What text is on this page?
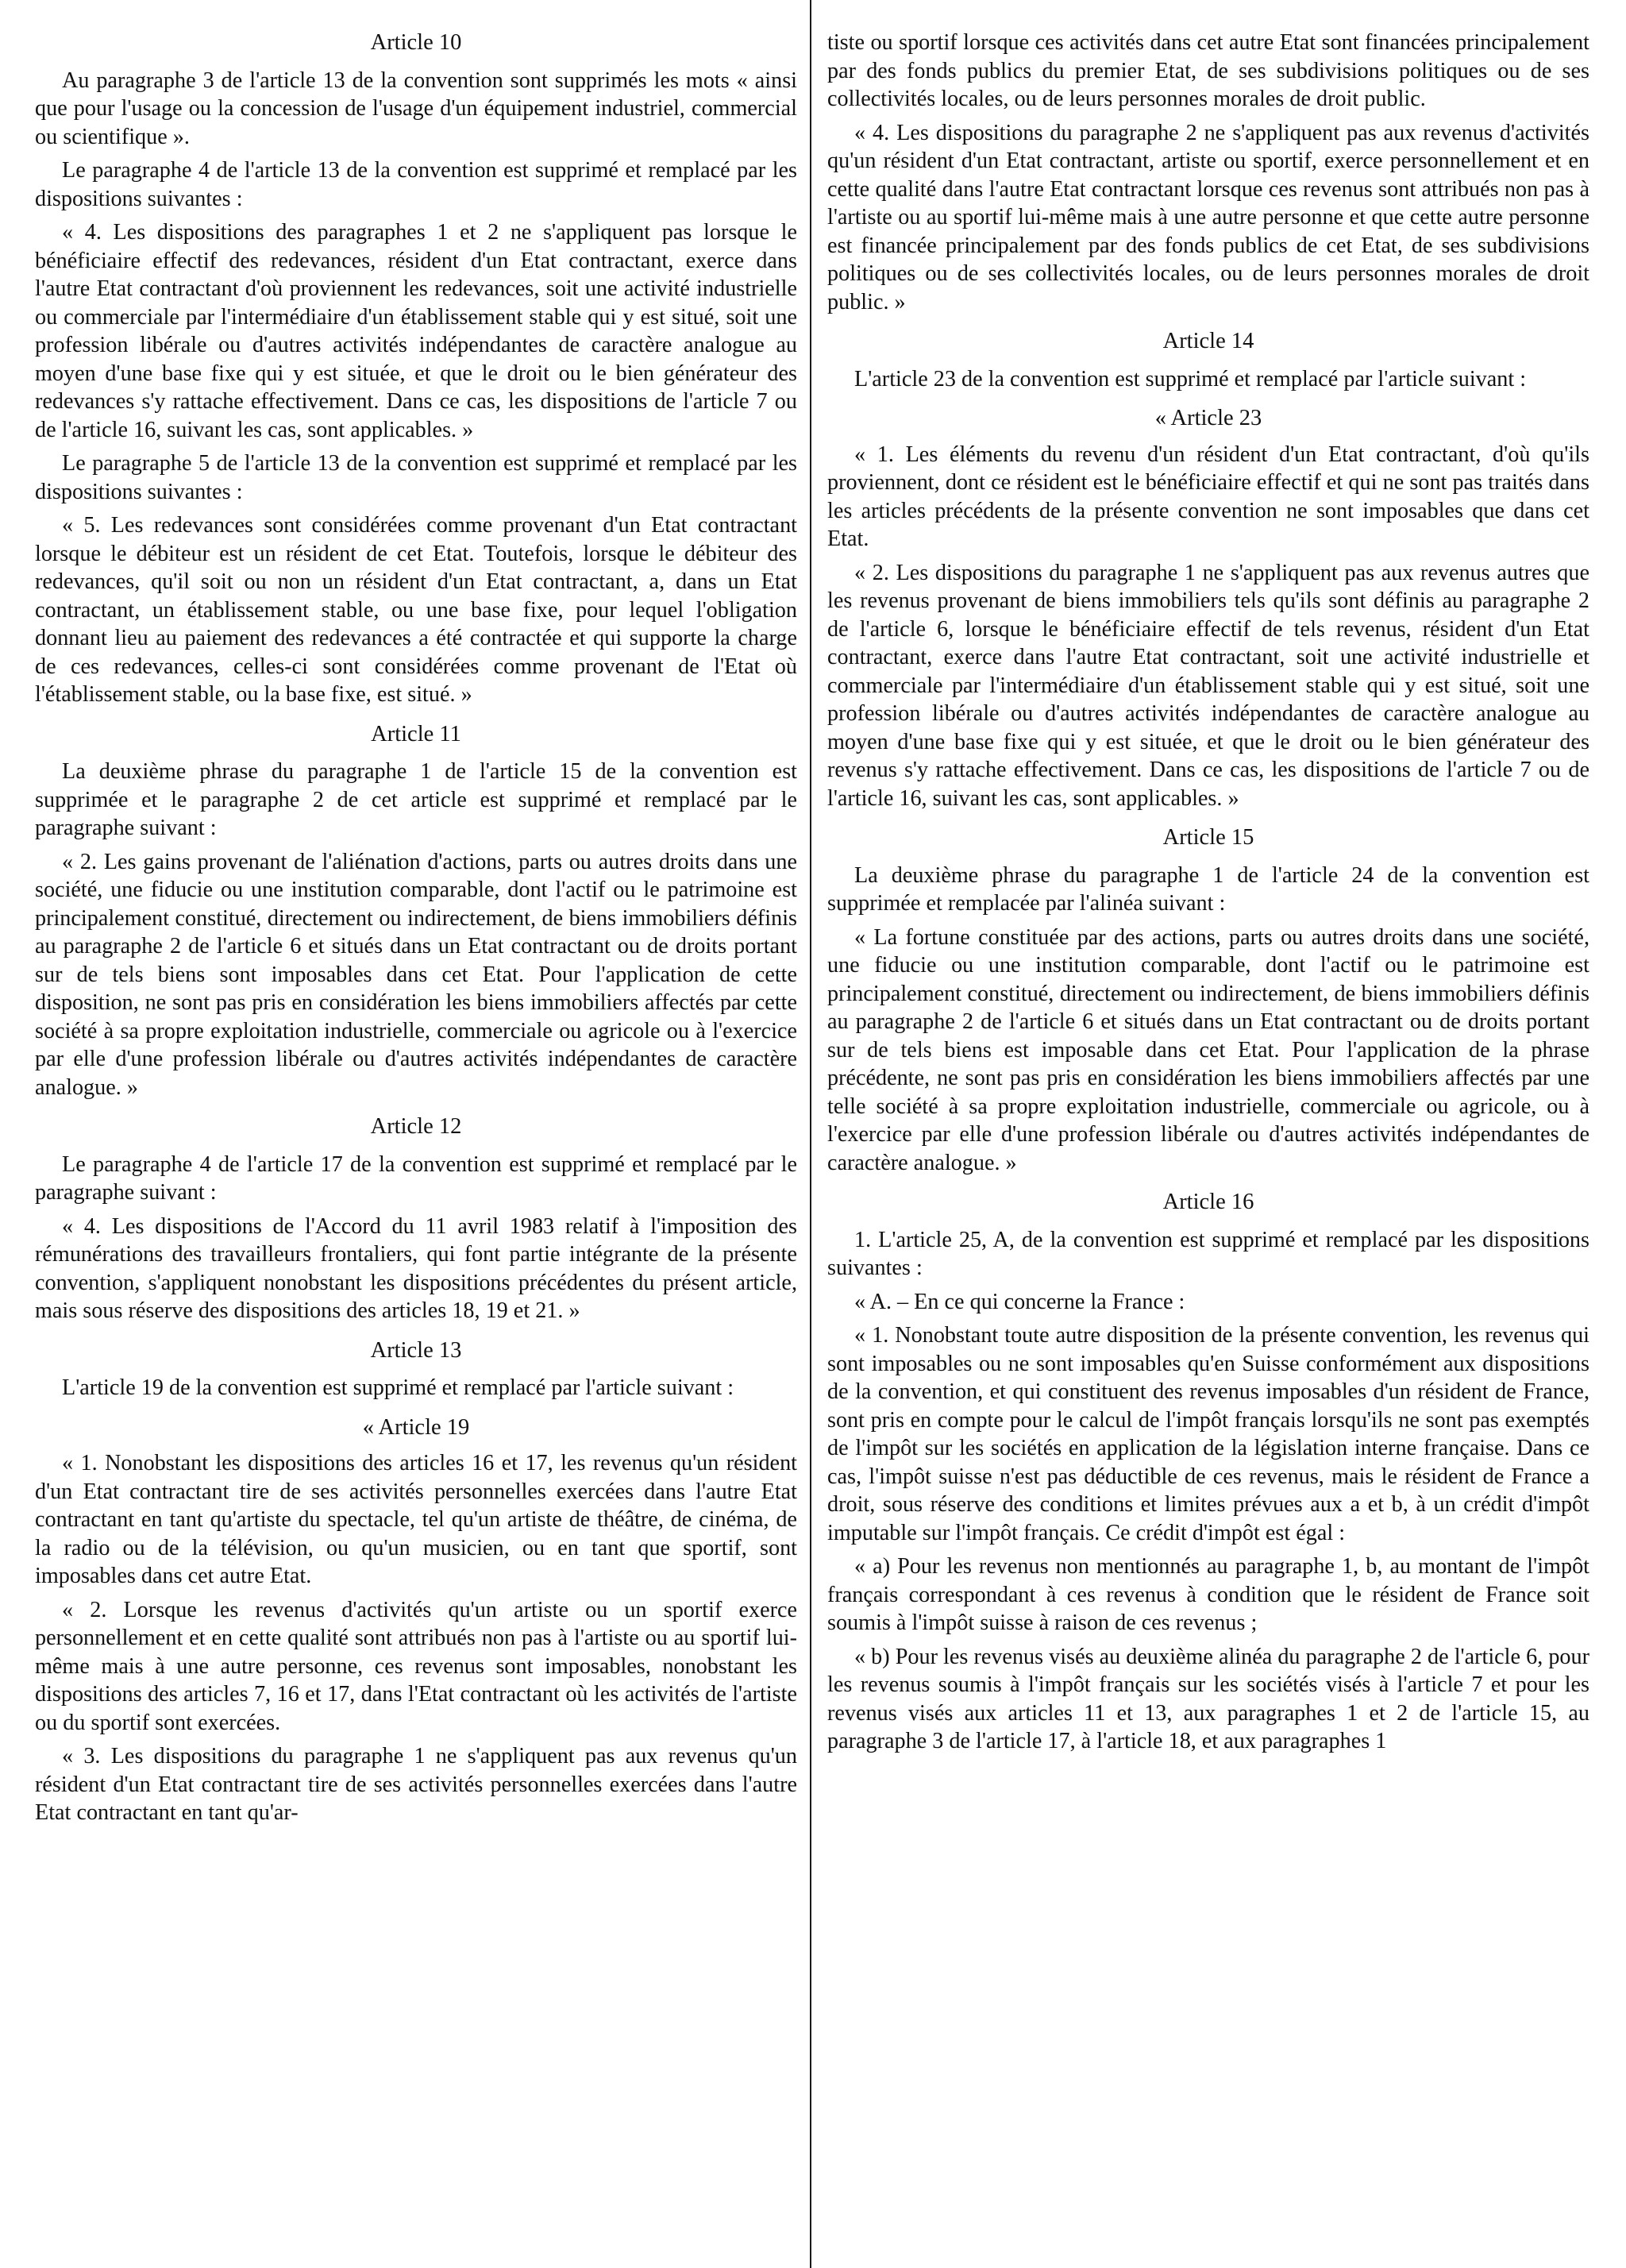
Article 10

Au paragraphe 3 de l'article 13 de la convention sont supprimés les mots « ainsi que pour l'usage ou la concession de l'usage d'un équipement industriel, commercial ou scientifique ».

Le paragraphe 4 de l'article 13 de la convention est supprimé et remplacé par les dispositions suivantes :

« 4. Les dispositions des paragraphes 1 et 2 ne s'appliquent pas lorsque le bénéficiaire effectif des redevances, résident d'un Etat contractant, exerce dans l'autre Etat contractant d'où proviennent les redevances, soit une activité industrielle ou commerciale par l'intermédiaire d'un établissement stable qui y est situé, soit une profession libérale ou d'autres activités indépendantes de caractère analogue au moyen d'une base fixe qui y est située, et que le droit ou le bien générateur des redevances s'y rattache effectivement. Dans ce cas, les dispositions de l'article 7 ou de l'article 16, suivant les cas, sont applicables. »

Le paragraphe 5 de l'article 13 de la convention est supprimé et remplacé par les dispositions suivantes :

« 5. Les redevances sont considérées comme provenant d'un Etat contractant lorsque le débiteur est un résident de cet Etat. Toutefois, lorsque le débiteur des redevances, qu'il soit ou non un résident d'un Etat contractant, a, dans un Etat contractant, un établissement stable, ou une base fixe, pour lequel l'obligation donnant lieu au paiement des redevances a été contractée et qui supporte la charge de ces redevances, celles-ci sont considérées comme provenant de l'Etat où l'établissement stable, ou la base fixe, est situé. »

Article 11

La deuxième phrase du paragraphe 1 de l'article 15 de la convention est supprimée et le paragraphe 2 de cet article est supprimé et remplacé par le paragraphe suivant :

« 2. Les gains provenant de l'aliénation d'actions, parts ou autres droits dans une société, une fiducie ou une institution comparable, dont l'actif ou le patrimoine est principalement constitué, directement ou indirectement, de biens immobiliers définis au paragraphe 2 de l'article 6 et situés dans un Etat contractant ou de droits portant sur de tels biens sont imposables dans cet Etat. Pour l'application de cette disposition, ne sont pas pris en considération les biens immobiliers affectés par cette société à sa propre exploitation industrielle, commerciale ou agricole ou à l'exercice par elle d'une profession libérale ou d'autres activités indépendantes de caractère analogue. »

Article 12

Le paragraphe 4 de l'article 17 de la convention est supprimé et remplacé par le paragraphe suivant :

« 4. Les dispositions de l'Accord du 11 avril 1983 relatif à l'imposition des rémunérations des travailleurs frontaliers, qui font partie intégrante de la présente convention, s'appliquent nonobstant les dispositions précédentes du présent article, mais sous réserve des dispositions des articles 18, 19 et 21. »

Article 13

L'article 19 de la convention est supprimé et remplacé par l'article suivant :

« Article 19

« 1. Nonobstant les dispositions des articles 16 et 17, les revenus qu'un résident d'un Etat contractant tire de ses activités personnelles exercées dans l'autre Etat contractant en tant qu'artiste du spectacle, tel qu'un artiste de théâtre, de cinéma, de la radio ou de la télévision, ou qu'un musicien, ou en tant que sportif, sont imposables dans cet autre Etat.

« 2. Lorsque les revenus d'activités qu'un artiste ou un sportif exerce personnellement et en cette qualité sont attribués non pas à l'artiste ou au sportif lui-même mais à une autre personne, ces revenus sont imposables, nonobstant les dispositions des articles 7, 16 et 17, dans l'Etat contractant où les activités de l'artiste ou du sportif sont exercées.

« 3. Les dispositions du paragraphe 1 ne s'appliquent pas aux revenus qu'un résident d'un Etat contractant tire de ses activités personnelles exercées dans l'autre Etat contractant en tant qu'ar-

tiste ou sportif lorsque ces activités dans cet autre Etat sont financées principalement par des fonds publics du premier Etat, de ses subdivisions politiques ou de ses collectivités locales, ou de leurs personnes morales de droit public.

« 4. Les dispositions du paragraphe 2 ne s'appliquent pas aux revenus d'activités qu'un résident d'un Etat contractant, artiste ou sportif, exerce personnellement et en cette qualité dans l'autre Etat contractant lorsque ces revenus sont attribués non pas à l'artiste ou au sportif lui-même mais à une autre personne et que cette autre personne est financée principalement par des fonds publics de cet Etat, de ses subdivisions politiques ou de ses collectivités locales, ou de leurs personnes morales de droit public. »

Article 14

L'article 23 de la convention est supprimé et remplacé par l'article suivant :

« Article 23

« 1. Les éléments du revenu d'un résident d'un Etat contractant, d'où qu'ils proviennent, dont ce résident est le bénéficiaire effectif et qui ne sont pas traités dans les articles précédents de la présente convention ne sont imposables que dans cet Etat.

« 2. Les dispositions du paragraphe 1 ne s'appliquent pas aux revenus autres que les revenus provenant de biens immobiliers tels qu'ils sont définis au paragraphe 2 de l'article 6, lorsque le bénéficiaire effectif de tels revenus, résident d'un Etat contractant, exerce dans l'autre Etat contractant, soit une activité industrielle et commerciale par l'intermédiaire d'un établissement stable qui y est situé, soit une profession libérale ou d'autres activités indépendantes de caractère analogue au moyen d'une base fixe qui y est située, et que le droit ou le bien générateur des revenus s'y rattache effectivement. Dans ce cas, les dispositions de l'article 7 ou de l'article 16, suivant les cas, sont applicables. »

Article 15

La deuxième phrase du paragraphe 1 de l'article 24 de la convention est supprimée et remplacée par l'alinéa suivant :

« La fortune constituée par des actions, parts ou autres droits dans une société, une fiducie ou une institution comparable, dont l'actif ou le patrimoine est principalement constitué, directement ou indirectement, de biens immobiliers définis au paragraphe 2 de l'article 6 et situés dans un Etat contractant ou de droits portant sur de tels biens est imposable dans cet Etat. Pour l'application de la phrase précédente, ne sont pas pris en considération les biens immobiliers affectés par une telle société à sa propre exploitation industrielle, commerciale ou agricole, ou à l'exercice par elle d'une profession libérale ou d'autres activités indépendantes de caractère analogue. »

Article 16

1. L'article 25, A, de la convention est supprimé et remplacé par les dispositions suivantes :

« A. – En ce qui concerne la France :

« 1. Nonobstant toute autre disposition de la présente convention, les revenus qui sont imposables ou ne sont imposables qu'en Suisse conformément aux dispositions de la convention, et qui constituent des revenus imposables d'un résident de France, sont pris en compte pour le calcul de l'impôt français lorsqu'ils ne sont pas exemptés de l'impôt sur les sociétés en application de la législation interne française. Dans ce cas, l'impôt suisse n'est pas déductible de ces revenus, mais le résident de France a droit, sous réserve des conditions et limites prévues aux a et b, à un crédit d'impôt imputable sur l'impôt français. Ce crédit d'impôt est égal :

« a) Pour les revenus non mentionnés au paragraphe 1, b, au montant de l'impôt français correspondant à ces revenus à condition que le résident de France soit soumis à l'impôt suisse à raison de ces revenus ;

« b) Pour les revenus visés au deuxième alinéa du paragraphe 2 de l'article 6, pour les revenus soumis à l'impôt français sur les sociétés visés à l'article 7 et pour les revenus visés aux articles 11 et 13, aux paragraphes 1 et 2 de l'article 15, au paragraphe 3 de l'article 17, à l'article 18, et aux paragraphes 1
